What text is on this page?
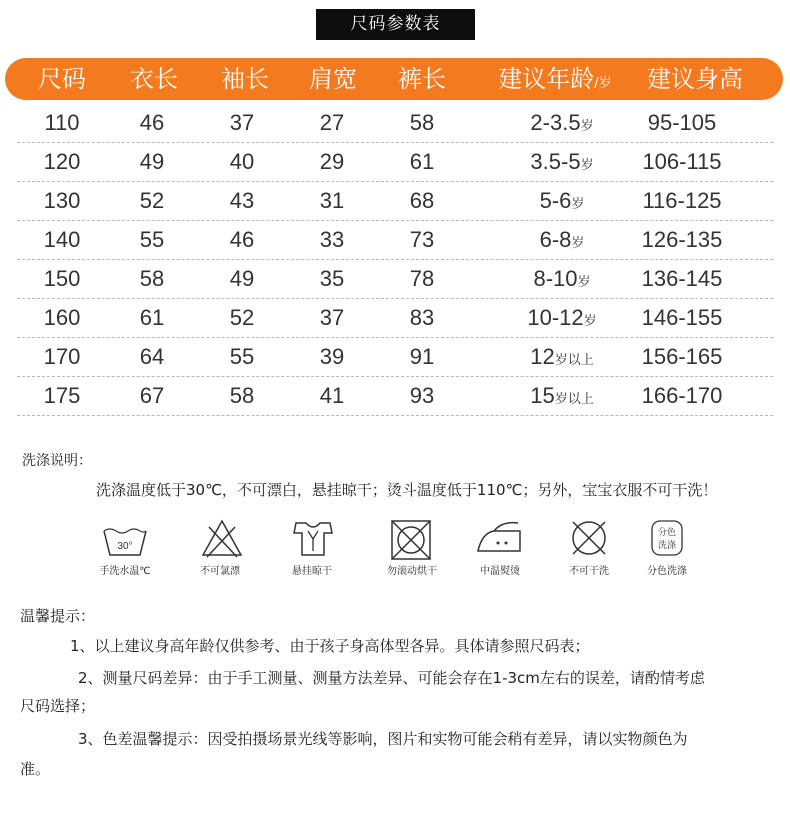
尺码参数表
尺码	衣长	袖长	肩宽	裤长	建议年龄/岁	建议身高
110	46	37	27	58	2-3.5岁	95-105
120	49	40	29	61	3.5-5岁	106-115
130	52	43	31	68	5-6岁	116-125
140	55	46	33	73	6-8岁	126-135
150	58	49	35	78	8-10岁	136-145
160	61	52	37	83	10-12岁	146-155
170	64	55	39	91	12岁以上	156-165
175	67	58	41	93	15岁以上	166-170
洗涤说明：
洗涤温度低于30℃，不可漂白，悬挂晾干；烫斗温度低于110℃；另外，宝宝衣服不可干洗！
30°
手洗水温℃	不可氯漂	悬挂晾干	勿滚动烘干	中温熨烫	不可干洗
分色
洗涤
分色洗涤
温馨提示：
1、以上建议身高年龄仅供参考、由于孩子身高体型各异。具体请参照尺码表；
2、测量尺码差异：由于手工测量、测量方法差异、可能会存在1-3cm左右的误差，请酌情考虑
尺码选择；
3、色差温馨提示：因受拍摄场景光线等影响，图片和实物可能会稍有差异，请以实物颜色为
准。
